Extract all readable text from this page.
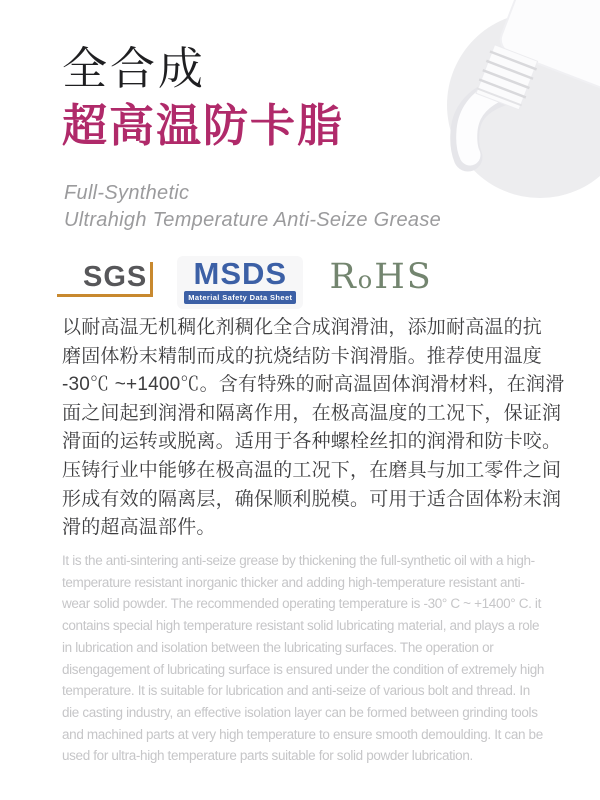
全合成
超高温防卡脂
Full-Synthetic
Ultrahigh Temperature Anti-Seize Grease
SGS MSDS
Material Safety Data Sheet
RoHS
以耐高温无机稠化剂稠化全合成润滑油，添加耐高温的抗
磨固体粉末精制而成的抗烧结防卡润滑脂。推荐使用温度
-30℃ ~+1400℃。含有特殊的耐高温固体润滑材料，在润滑
面之间起到润滑和隔离作用，在极高温度的工况下，保证润
滑面的运转或脱离。适用于各种螺栓丝扣的润滑和防卡咬。
压铸行业中能够在极高温的工况下，在磨具与加工零件之间
形成有效的隔离层，确保顺利脱模。可用于适合固体粉末润
滑的超高温部件。
It is the anti-sintering anti-seize grease by thickening the full-synthetic oil with a high-temperature resistant inorganic thicker and adding high-temperature resistant anti-wear solid powder. The recommended operating temperature is -30° C ~ +1400° C. it contains special high temperature resistant solid lubricating material, and plays a role in lubrication and isolation between the lubricating surfaces. The operation or disengagement of lubricating surface is ensured under the condition of extremely high temperature. It is suitable for lubrication and anti-seize of various bolt and thread. In die casting industry, an effective isolation layer can be formed between grinding tools and machined parts at very high temperature to ensure smooth demoulding. It can be used for ultra-high temperature parts suitable for solid powder lubrication.
